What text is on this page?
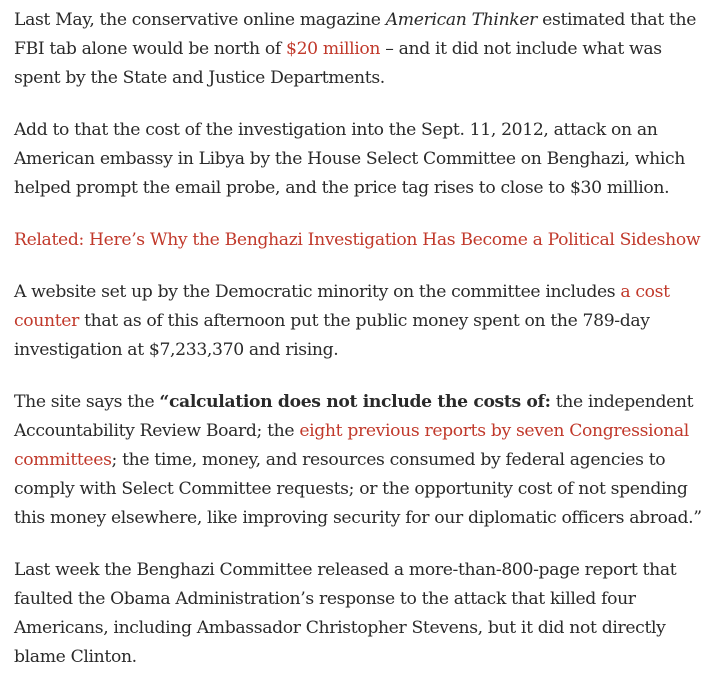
Last May, the conservative online magazine American Thinker estimated that the FBI tab alone would be north of $20 million – and it did not include what was spent by the State and Justice Departments.

Add to that the cost of the investigation into the Sept. 11, 2012, attack on an American embassy in Libya by the House Select Committee on Benghazi, which helped prompt the email probe, and the price tag rises to close to $30 million.

Related: Here’s Why the Benghazi Investigation Has Become a Political Sideshow

A website set up by the Democratic minority on the committee includes a cost counter that as of this afternoon put the public money spent on the 789-day investigation at $7,233,370 and rising.

The site says the “calculation does not include the costs of: the independent Accountability Review Board; the eight previous reports by seven Congressional committees; the time, money, and resources consumed by federal agencies to comply with Select Committee requests; or the opportunity cost of not spending this money elsewhere, like improving security for our diplomatic officers abroad.”

Last week the Benghazi Committee released a more-than-800-page report that faulted the Obama Administration’s response to the attack that killed four Americans, including Ambassador Christopher Stevens, but it did not directly blame Clinton.
